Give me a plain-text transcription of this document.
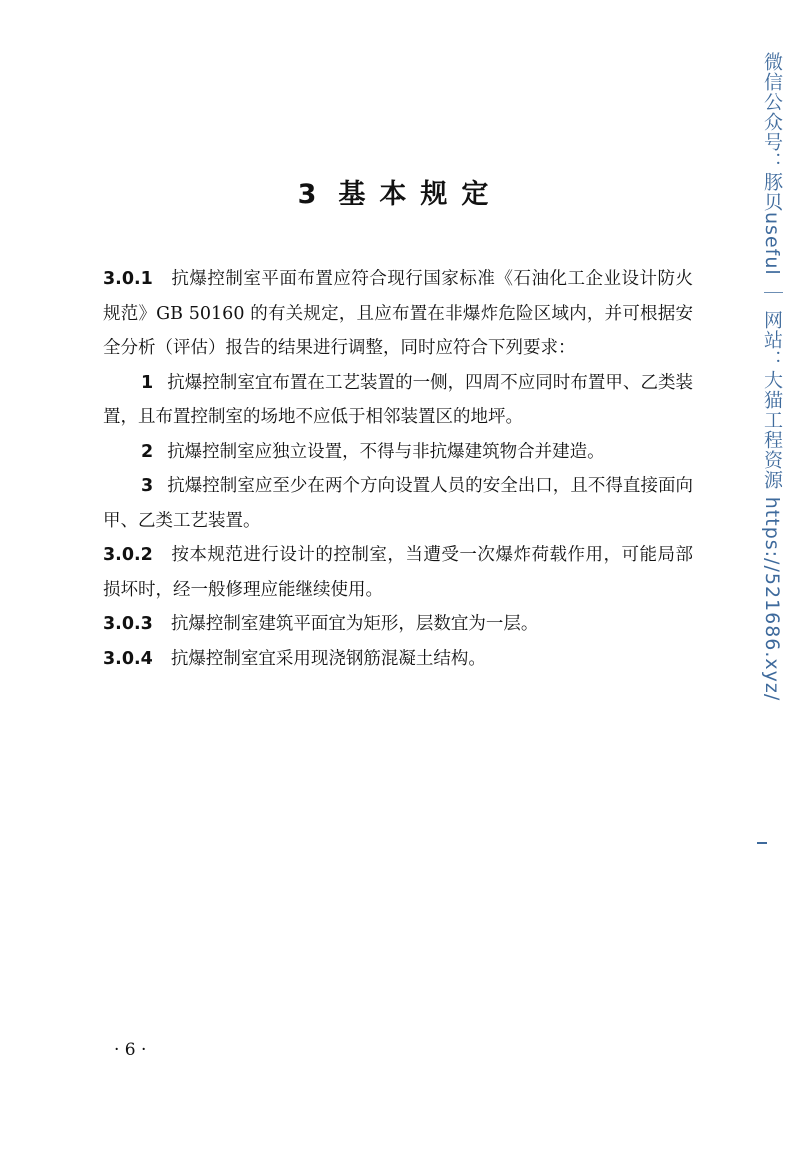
3 基本规定

3.0.1 抗爆控制室平面布置应符合现行国家标准《石油化工企业设计防火规范》GB 50160 的有关规定，且应布置在非爆炸危险区域内，并可根据安全分析（评估）报告的结果进行调整，同时应符合下列要求：

1 抗爆控制室宜布置在工艺装置的一侧，四周不应同时布置甲、乙类装置，且布置控制室的场地不应低于相邻装置区的地坪。

2 抗爆控制室应独立设置，不得与非抗爆建筑物合并建造。

3 抗爆控制室应至少在两个方向设置人员的安全出口，且不得直接面向甲、乙类工艺装置。

3.0.2 按本规范进行设计的控制室，当遭受一次爆炸荷载作用，可能局部损坏时，经一般修理应能继续使用。

3.0.3 抗爆控制室建筑平面宜为矩形，层数宜为一层。

3.0.4 抗爆控制室宜采用现浇钢筋混凝土结构。

· 6 ·
微信公众号：豚贝useful ｜ 网站：大猫工程资源 https://521686.xyz/
